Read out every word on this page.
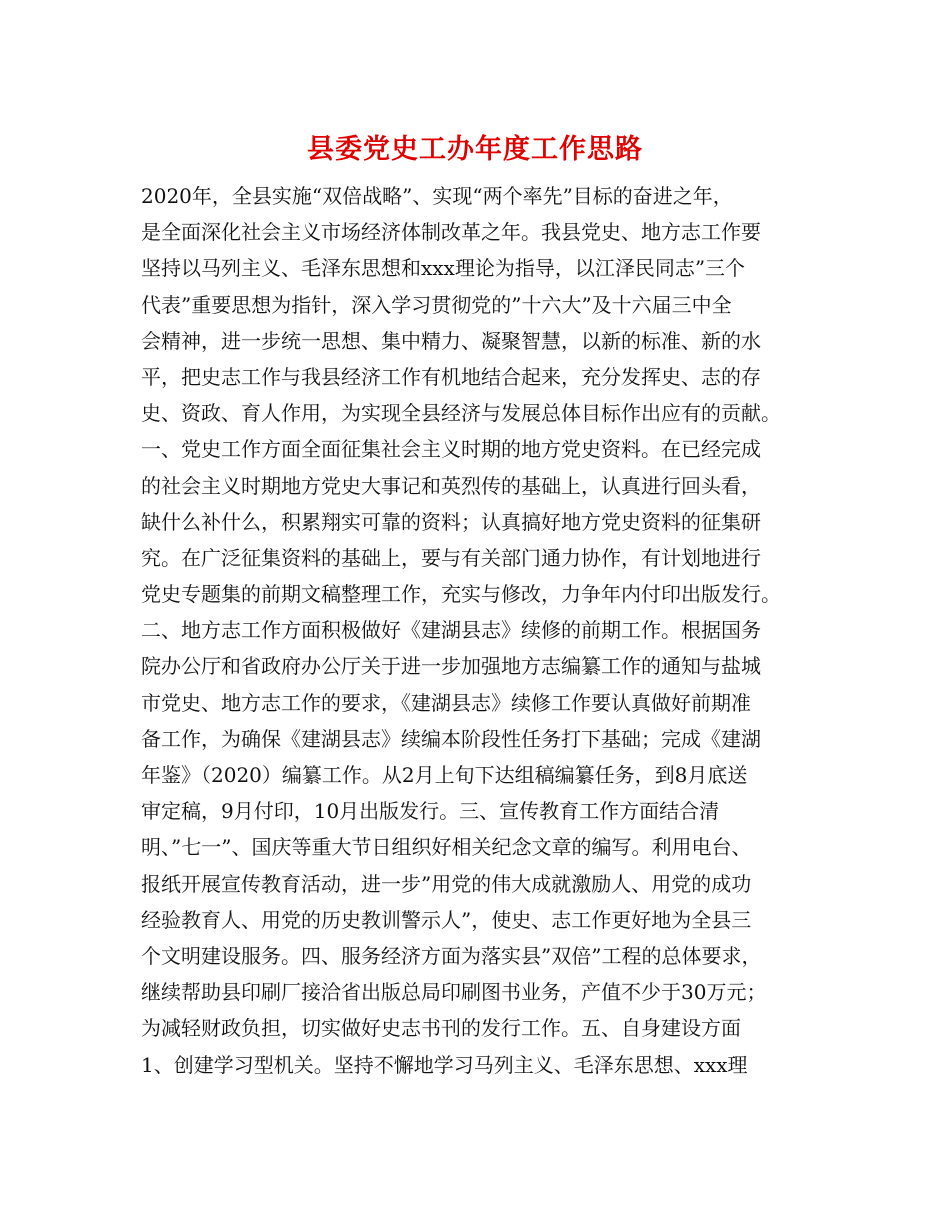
县委党史工办年度工作思路
2020年，全县实施“双倍战略”、实现“两个率先”目标的奋进之年，
是全面深化社会主义市场经济体制改革之年。我县党史、地方志工作要
坚持以马列主义、毛泽东思想和xxx理论为指导，以江泽民同志”三个
代表”重要思想为指针，深入学习贯彻党的”十六大”及十六届三中全
会精神，进一步统一思想、集中精力、凝聚智慧，以新的标准、新的水
平，把史志工作与我县经济工作有机地结合起来，充分发挥史、志的存
史、资政、育人作用，为实现全县经济与发展总体目标作出应有的贡献。
一、党史工作方面全面征集社会主义时期的地方党史资料。在已经完成
的社会主义时期地方党史大事记和英烈传的基础上，认真进行回头看，
缺什么补什么，积累翔实可靠的资料；认真搞好地方党史资料的征集研
究。在广泛征集资料的基础上，要与有关部门通力协作，有计划地进行
党史专题集的前期文稿整理工作，充实与修改，力争年内付印出版发行。
二、地方志工作方面积极做好《建湖县志》续修的前期工作。根据国务
院办公厅和省政府办公厅关于进一步加强地方志编纂工作的通知与盐城
市党史、地方志工作的要求，《建湖县志》续修工作要认真做好前期准
备工作，为确保《建湖县志》续编本阶段性任务打下基础；完成《建湖
年鉴》（2020）编纂工作。从2月上旬下达组稿编纂任务，到8月底送
审定稿，9月付印，10月出版发行。三、宣传教育工作方面结合清
明、”七一”、国庆等重大节日组织好相关纪念文章的编写。利用电台、
报纸开展宣传教育活动，进一步”用党的伟大成就激励人、用党的成功
经验教育人、用党的历史教训警示人”，使史、志工作更好地为全县三
个文明建设服务。四、服务经济方面为落实县”双倍”工程的总体要求，
继续帮助县印刷厂接洽省出版总局印刷图书业务，产值不少于30万元；
为减轻财政负担，切实做好史志书刊的发行工作。五、自身建设方面
1、创建学习型机关。坚持不懈地学习马列主义、毛泽东思想、xxx理
